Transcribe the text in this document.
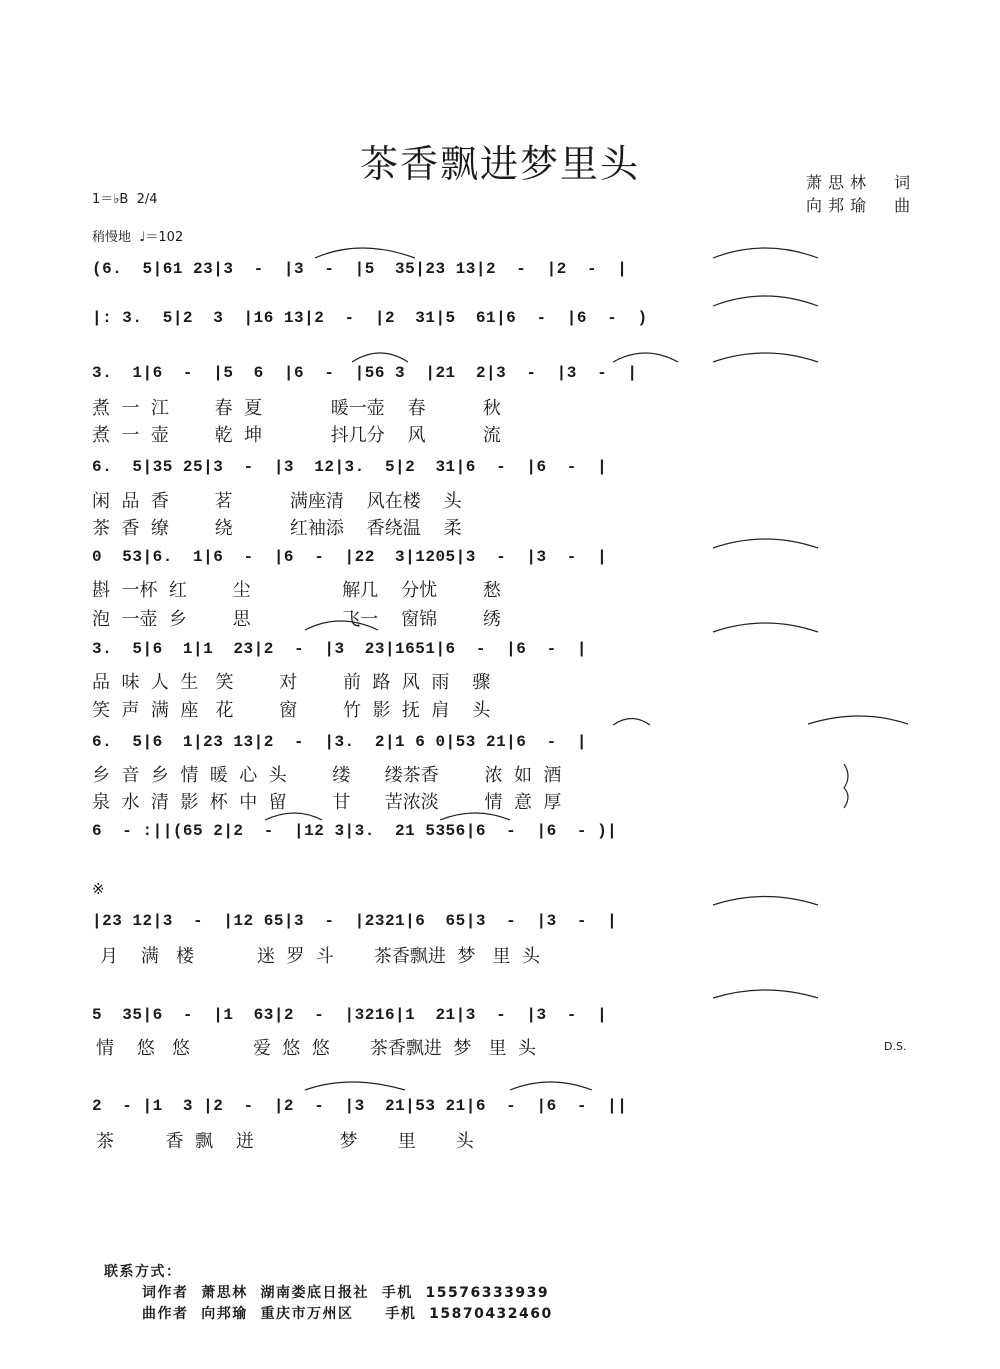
茶香飘进梦里头	萧思林  词
向邦瑜  曲
1＝♭B  2/4
稍慢地  ♩＝102
(6.  5|61 23|3  -  |3  -  |5  35|23 13|2  -  |2  -  |
|: 3.  5|2  3  |16 13|2  -  |2  31|5  61|6  -  |6  -  )
3.  1|6  -  |5  6  |6  -  |56 3  |21  2|3  -  |3  -  |
煮  一  江        春  夏            暖一壶    春          秋
煮  一  壶        乾  坤            抖几分    风          流
6.  5|35 25|3  -  |3  12|3.  5|2  31|6  -  |6  -  |
闲  品  香        茗          满座清    风在楼    头
茶  香  缭        绕          红袖添    香绕温    柔
0  53|6.  1|6  -  |6  -  |22  3|1205|3  -  |3  -  |
斟  一杯  红        尘                解几    分忧        愁
泡  一壶  乡        思                飞一    窗锦        绣
3.  5|6  1|1  23|2  -  |3  23|1651|6  -  |6  -  |
品  味  人  生   笑        对        前  路  风  雨    骤
笑  声  满  座   花        窗        竹  影  抚  肩    头
6.  5|6  1|23 13|2  -  |3.  2|1 6 0|53 21|6  -  |
乡  音  乡  情  暖  心  头        缕      缕茶香        浓  如  酒
泉  水  清  影  杯  中  留        甘      苦浓淡        情  意  厚
6  - :||(65 2|2  -  |12 3|3.  21 5356|6  -  |6  - )|
※
|23 12|3  -  |12 65|3  -  |2321|6  65|3  -  |3  -  |
月    满   楼           迷  罗  斗       茶香飘进  梦   里  头
5  35|6  -  |1  63|2  -  |3216|1  21|3  -  |3  -  |
情    悠   悠           爱  悠  悠       茶香飘进  梦   里  头	D.S.
2  - |1  3 |2  -  |2  -  |3  21|53 21|6  -  |6  -  ||
茶         香  飘    迸               梦       里       头
联系方式：
词作者  萧思林  湖南娄底日报社  手机  15576333939
曲作者  向邦瑜  重庆市万州区     手机  15870432460
